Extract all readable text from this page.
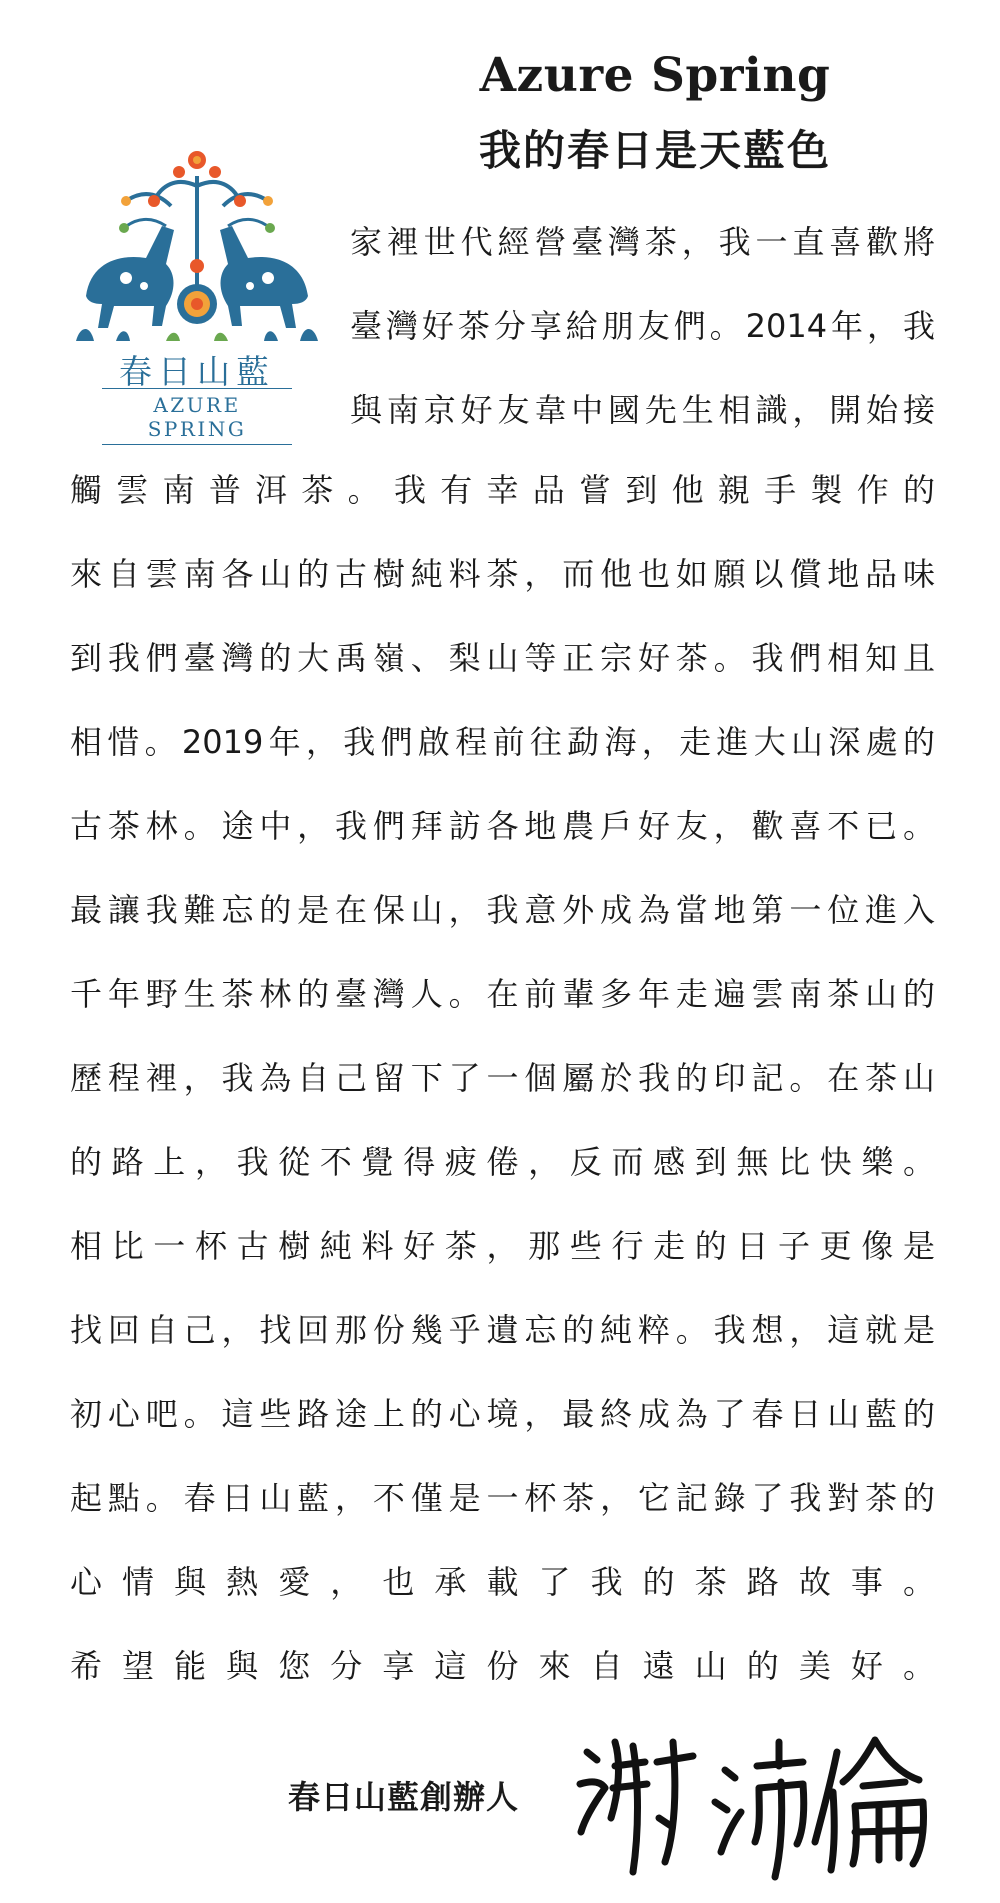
Azure Spring
我的春日是天藍色
春日山藍
AZURE SPRING

家裡世代經營臺灣茶，我一直喜歡將

臺灣好茶分享給朋友們。2014年，我

與南京好友韋中國先生相識，開始接

觸雲南普洱茶。我有幸品嘗到他親手製作的

來自雲南各山的古樹純料茶，而他也如願以償地品味

到我們臺灣的大禹嶺、梨山等正宗好茶。我們相知且

相惜。2019年，我們啟程前往勐海，走進大山深處的

古茶林。途中，我們拜訪各地農戶好友，歡喜不已。

最讓我難忘的是在保山，我意外成為當地第一位進入

千年野生茶林的臺灣人。在前輩多年走遍雲南茶山的

歷程裡，我為自己留下了一個屬於我的印記。在茶山

的路上，我從不覺得疲倦，反而感到無比快樂。

相比一杯古樹純料好茶，那些行走的日子更像是

找回自己，找回那份幾乎遺忘的純粹。我想，這就是

初心吧。這些路途上的心境，最終成為了春日山藍的

起點。春日山藍，不僅是一杯茶，它記錄了我對茶的

心情與熱愛，也承載了我的茶路故事。

希望能與您分享這份來自遠山的美好。

春日山藍創辦人
